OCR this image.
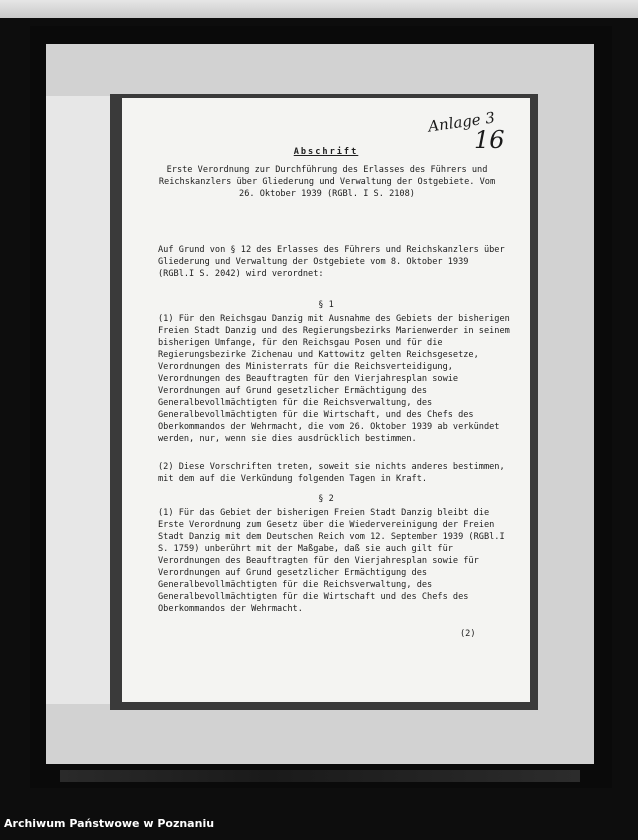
Anlage 3
16
Abschrift
Erste Verordnung zur Durchführung des Erlasses des Führers und Reichskanzlers über Gliederung und Verwaltung der Ostgebiete. Vom 26. Oktober 1939 (RGBl. I S. 2108)
Auf Grund von § 12 des Erlasses des Führers und Reichskanzlers über Gliederung und Verwaltung der Ostgebiete vom 8. Oktober 1939 (RGBl.I S. 2042) wird verordnet:
§ 1
(1) Für den Reichsgau Danzig mit Ausnahme des Gebiets der bisherigen Freien Stadt Danzig und des Regierungsbezirks Marienwerder in seinem bisherigen Umfange, für den Reichsgau Posen und für die Regierungsbezirke Zichenau und Kattowitz gelten Reichsgesetze, Verordnungen des Ministerrats für die Reichsverteidigung, Verordnungen des Beauftragten für den Vierjahresplan sowie Verordnungen auf Grund gesetzlicher Ermächtigung des Generalbevollmächtigten für die Reichsverwaltung, des Generalbevollmächtigten für die Wirtschaft, und des Chefs des Oberkommandos der Wehrmacht, die vom 26. Oktober 1939 ab verkündet werden, nur, wenn sie dies ausdrücklich bestimmen.
(2) Diese Vorschriften treten, soweit sie nichts anderes bestimmen, mit dem auf die Verkündung folgenden Tagen in Kraft.
§ 2
(1) Für das Gebiet der bisherigen Freien Stadt Danzig bleibt die Erste Verordnung zum Gesetz über die Wiedervereinigung der Freien Stadt Danzig mit dem Deutschen Reich vom 12. September 1939 (RGBl.I S. 1759) unberührt mit der Maßgabe, daß sie auch gilt für Verordnungen des Beauftragten für den Vierjahresplan sowie für Verordnungen auf Grund gesetzlicher Ermächtigung des Generalbevollmächtigten für die Reichsverwaltung, des Generalbevollmächtigten für die Wirtschaft und des Chefs des Oberkommandos der Wehrmacht.
(2)
Archiwum Państwowe w Poznaniu
